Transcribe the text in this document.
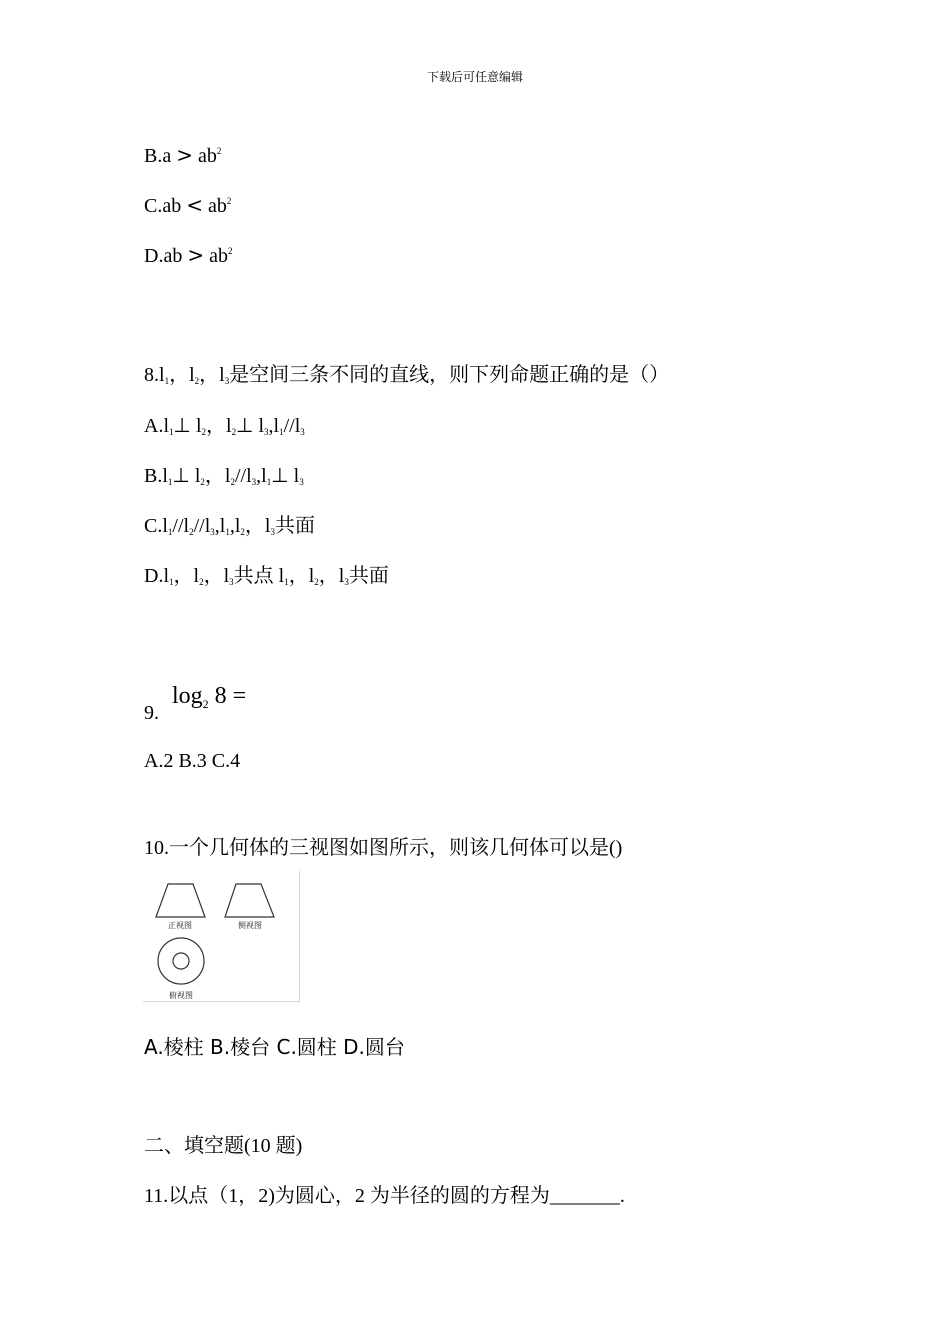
下载后可任意编辑
$B.a > ab^2$
$C.ab < ab^2$
$D.ab > ab^2$
$8.l_1$，$l_2$，$l_3$是空间三条不同的直线，则下列命题正确的是（）
$A.l_1\perp$ $l_2$，$l_2\perp$ $l_3,l_1//l_3$
$B.l_1\perp$ $l_2$，$l_2//l_3,l_1\perp$ $l_3$
$C.l_1//l_2//l_3,l_1,l_2$，$l_3$共面
$D.l_1$，$l_2$，$l_3$共点 $l_1$，$l_2$，$l_3$共面
9.
$\log_2 8$ =
A.2 B.3 C.4
10.一个几何体的三视图如图所示，则该几何体可以是()
正视图	侧视图
俯视图
A.棱柱 B.棱台 C.圆柱 D.圆台
二、填空题(10 题)
11.以点（1，2)为圆心，2 为半径的圆的方程为_______.
